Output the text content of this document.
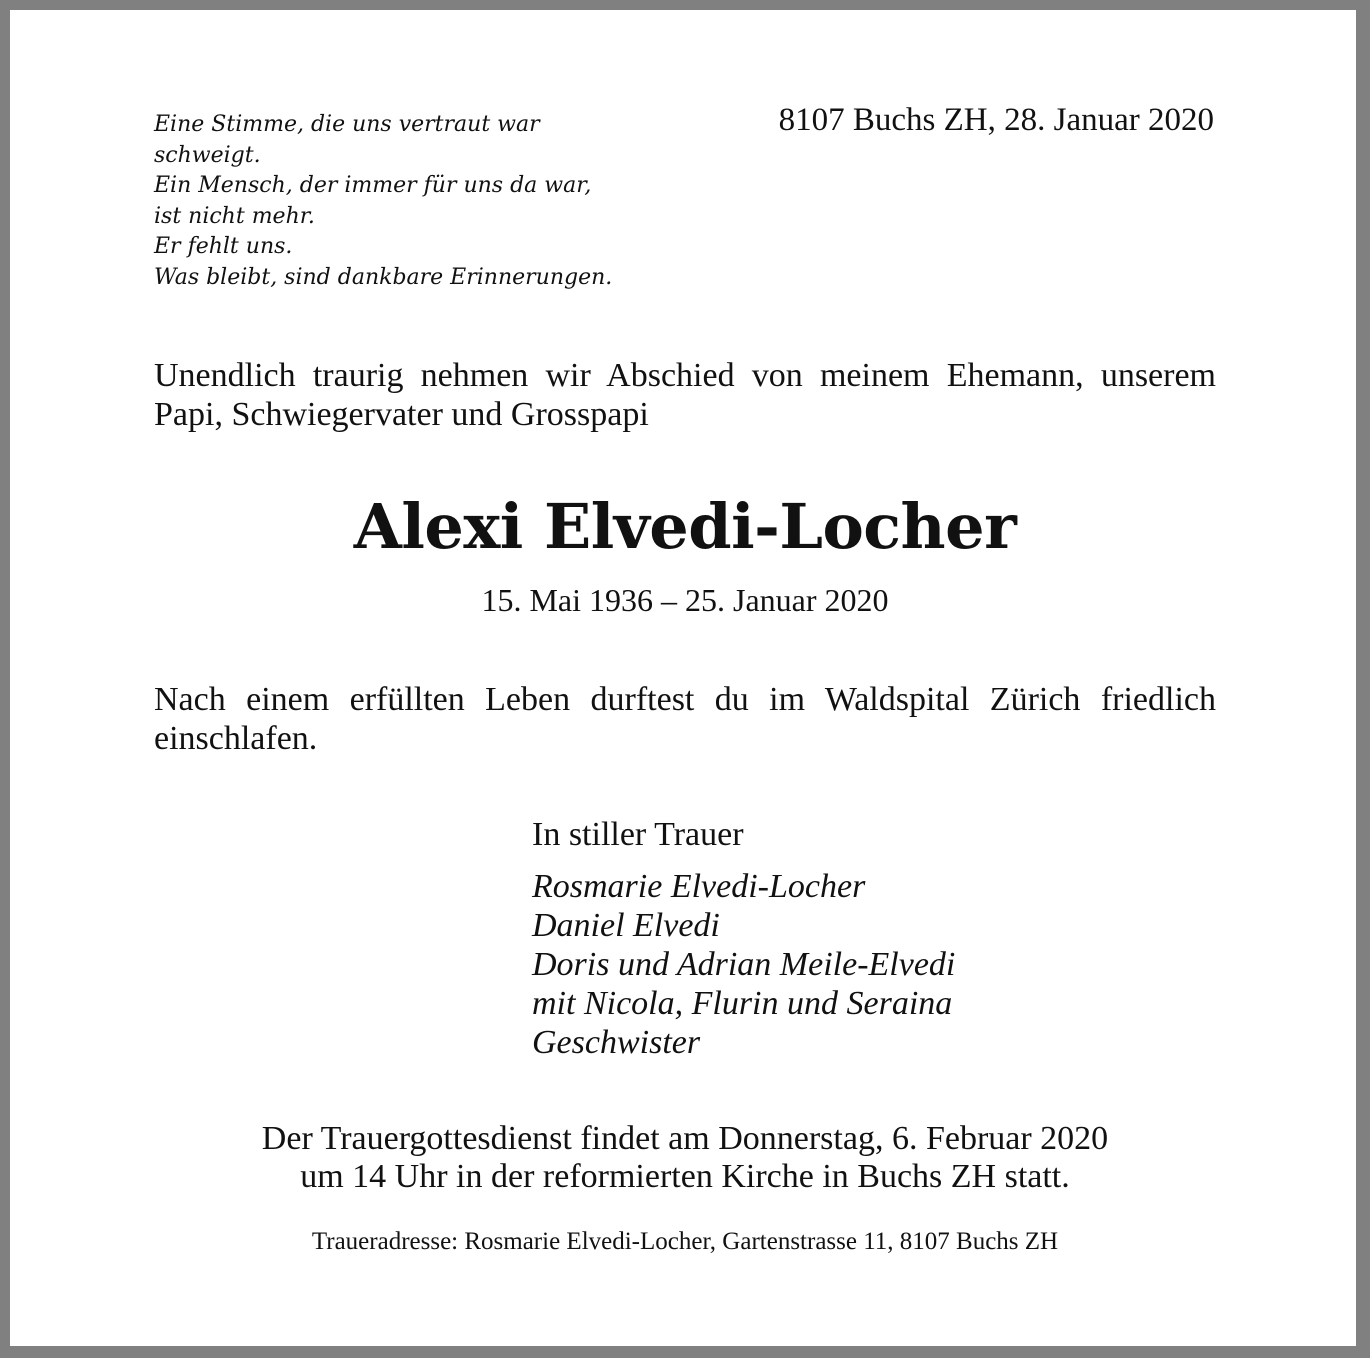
Eine Stimme, die uns vertraut war
schweigt.
Ein Mensch, der immer für uns da war,
ist nicht mehr.
Er fehlt uns.
Was bleibt, sind dankbare Erinnerungen.
8107 Buchs ZH, 28. Januar 2020
Unendlich traurig nehmen wir Abschied von meinem Ehemann, unserem Papi, Schwiegervater und Grosspapi
Alexi Elvedi-Locher
15. Mai 1936 – 25. Januar 2020
Nach einem erfüllten Leben durftest du im Waldspital Zürich friedlich einschlafen.
In stiller Trauer
Rosmarie Elvedi-Locher
Daniel Elvedi
Doris und Adrian Meile-Elvedi
mit Nicola, Flurin und Seraina
Geschwister
Der Trauergottesdienst findet am Donnerstag, 6. Februar 2020
um 14 Uhr in der reformierten Kirche in Buchs ZH statt.
Traueradresse: Rosmarie Elvedi-Locher, Gartenstrasse 11, 8107 Buchs ZH
